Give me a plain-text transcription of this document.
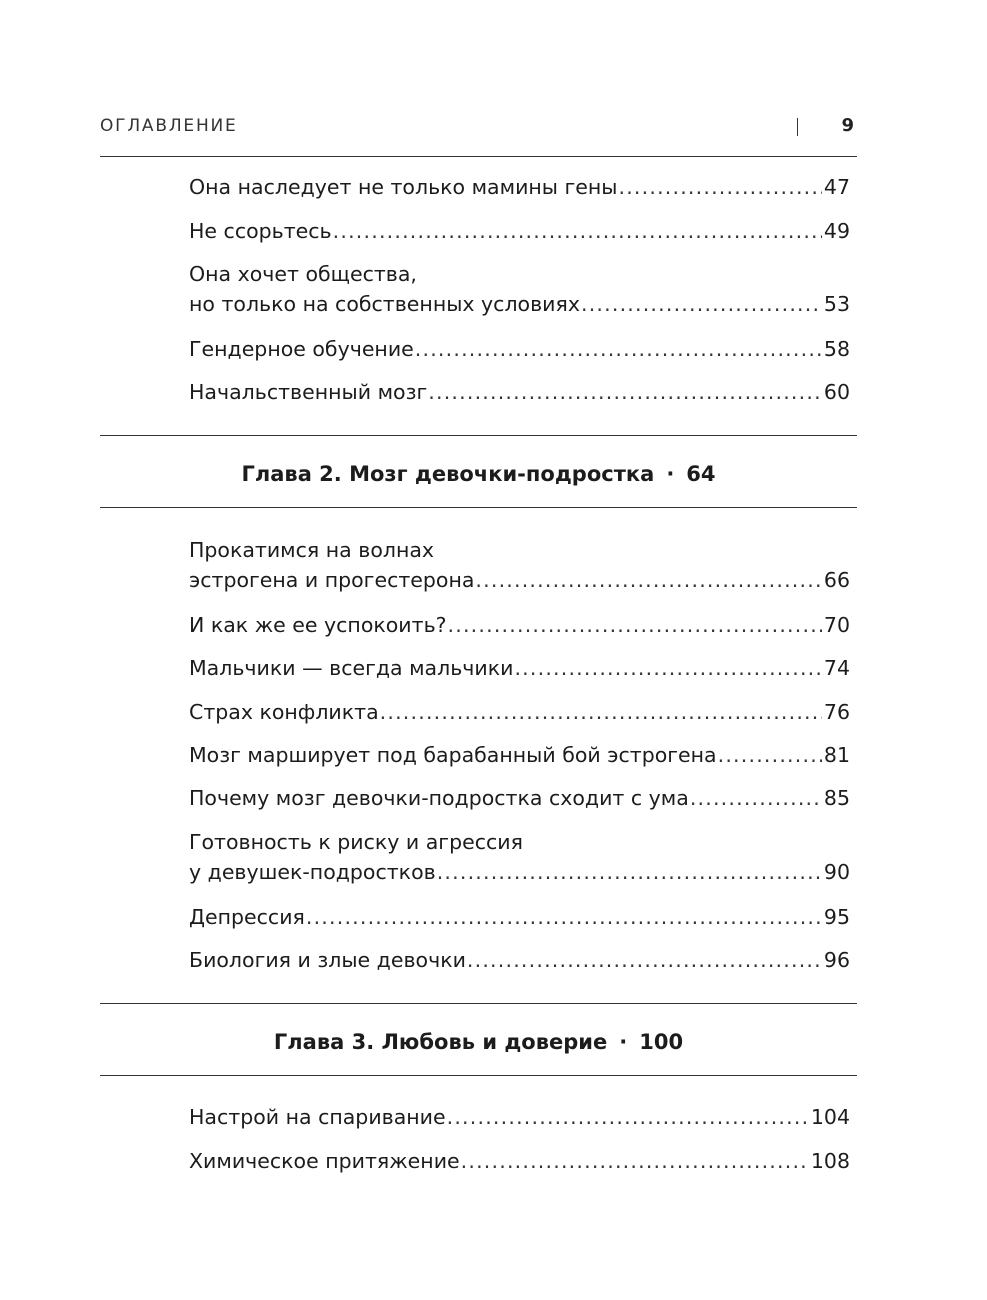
ОГЛАВЛЕНИЕ	9
Она наследует не только мамины гены .....	47
Не ссорьтесь .....	49
Она хочет общества,
но только на собственных условиях .....	53
Гендерное обучение .....	58
Начальственный мозг .....	60
Глава 2. Мозг девочки-подростка · 64
Прокатимся на волнах
эстрогена и прогестерона .....	66
И как же ее успокоить? .....	70
Мальчики — всегда мальчики .....	74
Страх конфликта .....	76
Мозг марширует под барабанный бой эстрогена .....	81
Почему мозг девочки-подростка сходит с ума .....	85
Готовность к риску и агрессия
у девушек-подростков .....	90
Депрессия .....	95
Биология и злые девочки .....	96
Глава 3. Любовь и доверие · 100
Настрой на спаривание .....	104
Химическое притяжение .....	108
